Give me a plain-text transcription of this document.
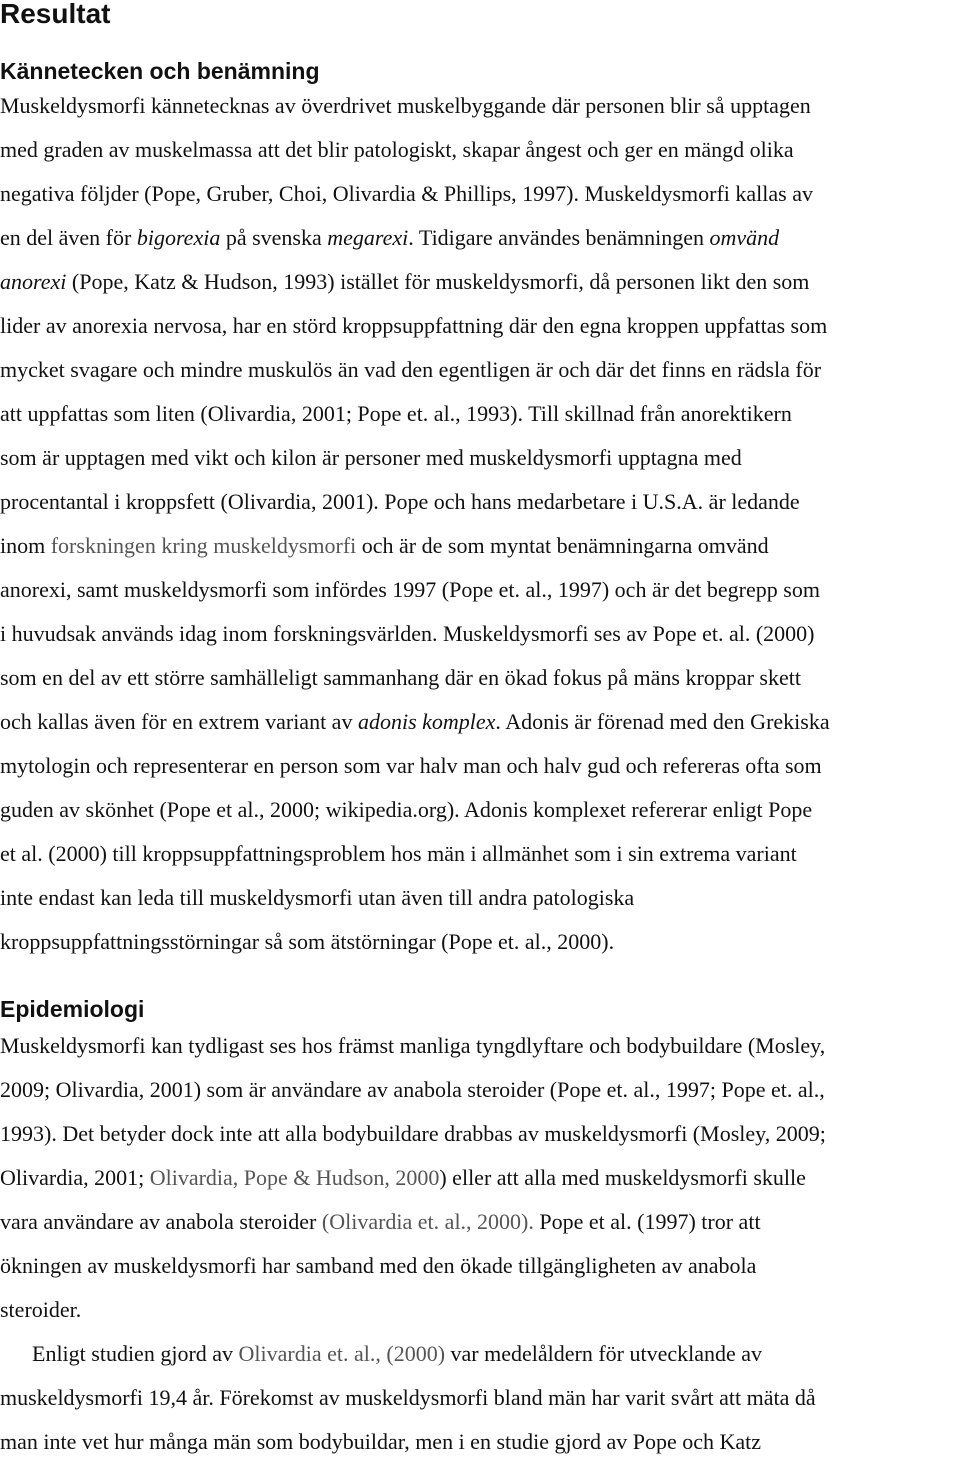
Resultat
Kännetecken och benämning
Muskeldysmorfi kännetecknas av överdrivet muskelbyggande där personen blir så upptagen
med graden av muskelmassa att det blir patologiskt, skapar ångest och ger en mängd olika
negativa följder (Pope, Gruber, Choi, Olivardia & Phillips, 1997). Muskeldysmorfi kallas av
en del även för bigorexia på svenska megarexi. Tidigare användes benämningen omvänd
anorexi (Pope, Katz & Hudson, 1993) istället för muskeldysmorfi, då personen likt den som
lider av anorexia nervosa, har en störd kroppsuppfattning där den egna kroppen uppfattas som
mycket svagare och mindre muskulös än vad den egentligen är och där det finns en rädsla för
att uppfattas som liten (Olivardia, 2001; Pope et. al., 1993). Till skillnad från anorektikern
som är upptagen med vikt och kilon är personer med muskeldysmorfi upptagna med
procentantal i kroppsfett (Olivardia, 2001). Pope och hans medarbetare i U.S.A. är ledande
inom forskningen kring muskeldysmorfi och är de som myntat benämningarna omvänd
anorexi, samt muskeldysmorfi som infördes 1997 (Pope et. al., 1997) och är det begrepp som
i huvudsak används idag inom forskningsvärlden. Muskeldysmorfi ses av Pope et. al. (2000)
som en del av ett större samhälleligt sammanhang där en ökad fokus på mäns kroppar skett
och kallas även för en extrem variant av adonis komplex. Adonis är förenad med den Grekiska
mytologin och representerar en person som var halv man och halv gud och refereras ofta som
guden av skönhet (Pope et al., 2000; wikipedia.org). Adonis komplexet refererar enligt Pope
et al. (2000) till kroppsuppfattningsproblem hos män i allmänhet som i sin extrema variant
inte endast kan leda till muskeldysmorfi utan även till andra patologiska
kroppsuppfattningsstörningar så som ätstörningar (Pope et. al., 2000).
Epidemiologi
Muskeldysmorfi kan tydligast ses hos främst manliga tyngdlyftare och bodybuildare (Mosley,
2009; Olivardia, 2001) som är användare av anabola steroider (Pope et. al., 1997; Pope et. al.,
1993). Det betyder dock inte att alla bodybuildare drabbas av muskeldysmorfi (Mosley, 2009;
Olivardia, 2001; Olivardia, Pope & Hudson, 2000) eller att alla med muskeldysmorfi skulle
vara användare av anabola steroider (Olivardia et. al., 2000). Pope et al. (1997) tror att
ökningen av muskeldysmorfi har samband med den ökade tillgängligheten av anabola
steroider.
Enligt studien gjord av Olivardia et. al., (2000) var medelåldern för utvecklande av
muskeldysmorfi 19,4 år. Förekomst av muskeldysmorfi bland män har varit svårt att mäta då
man inte vet hur många män som bodybuildar, men i en studie gjord av Pope och Katz
